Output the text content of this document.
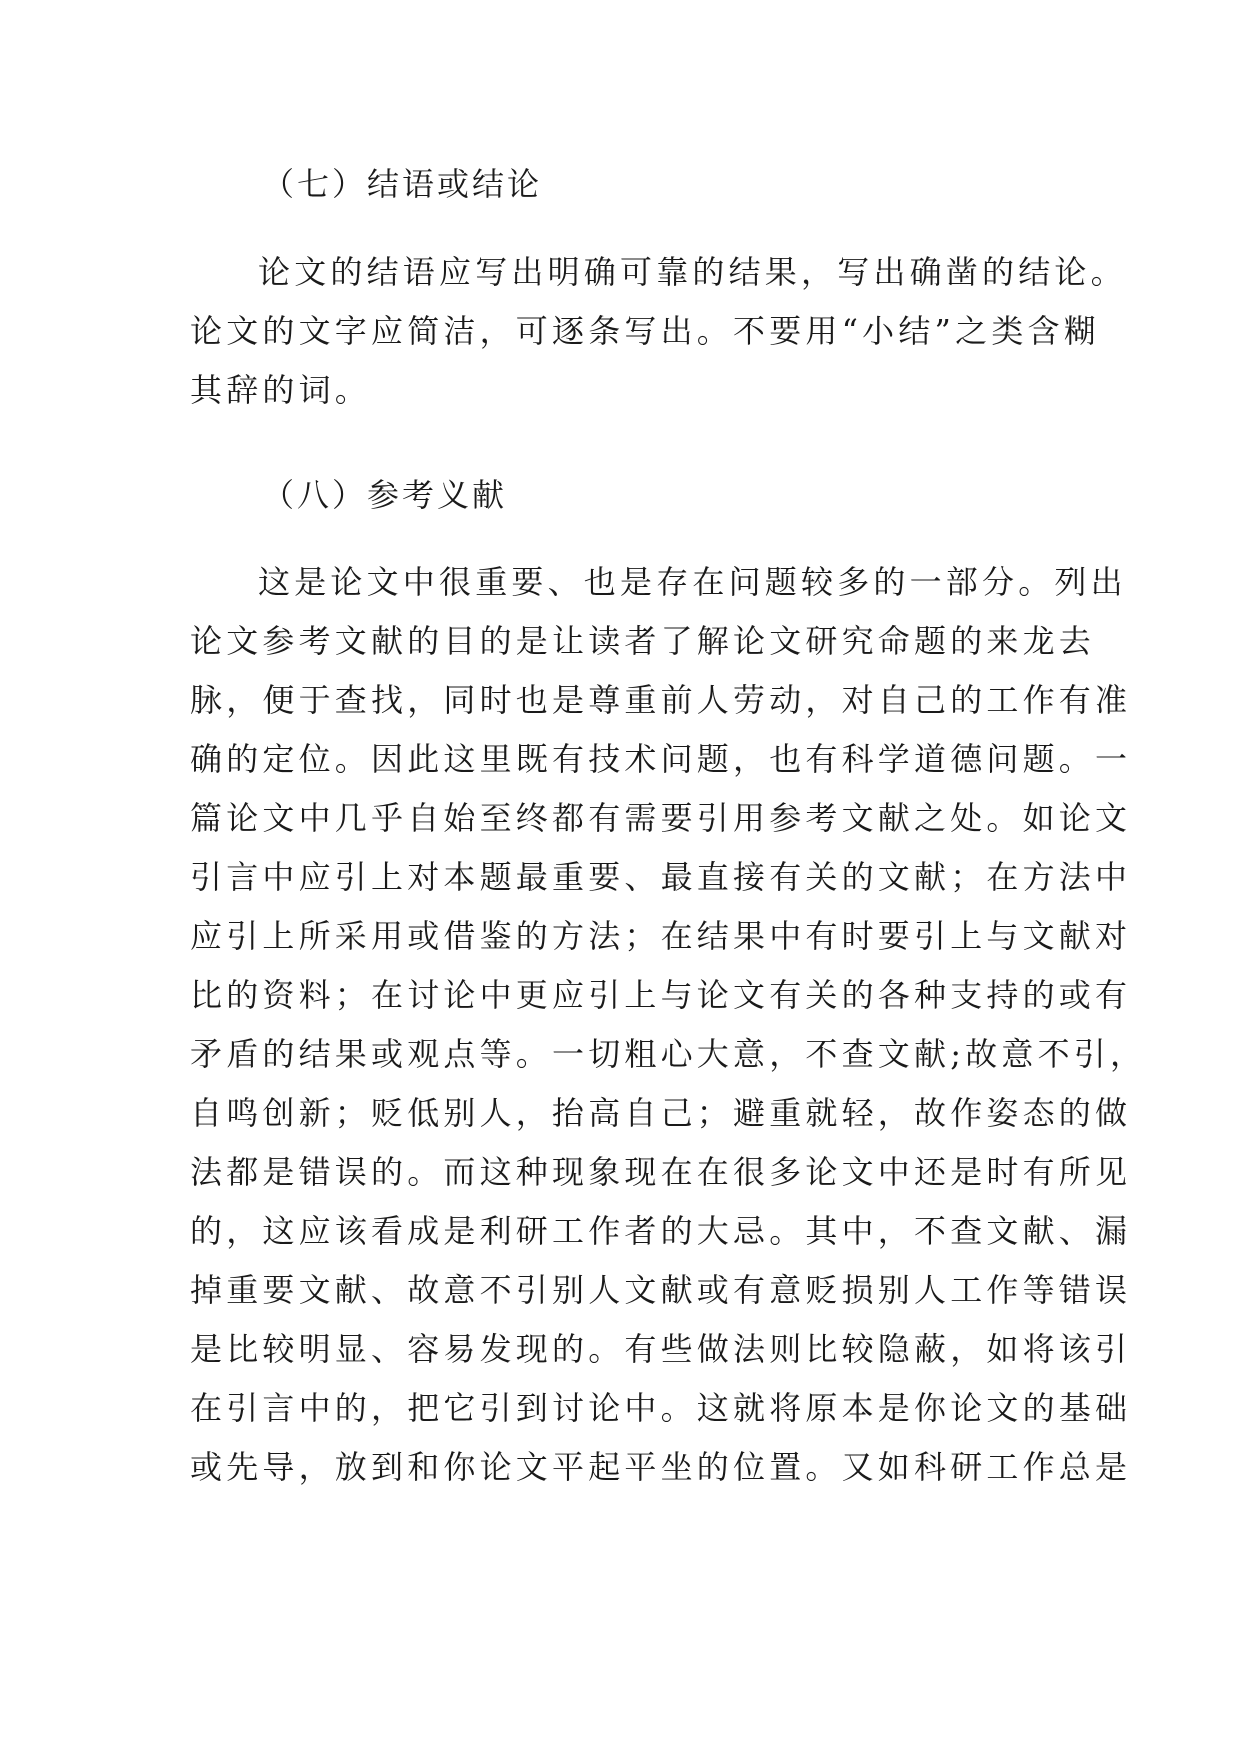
（七）结语或结论
论文的结语应写出明确可靠的结果，写出确凿的结论。
论文的文字应简洁，可逐条写出。不要用“小结”之类含糊
其辞的词。
（八）参考义献
这是论文中很重要、也是存在问题较多的一部分。列出
论文参考文献的目的是让读者了解论文研究命题的来龙去
脉，便于查找，同时也是尊重前人劳动，对自己的工作有准
确的定位。因此这里既有技术问题，也有科学道德问题。一
篇论文中几乎自始至终都有需要引用参考文献之处。如论文
引言中应引上对本题最重要、最直接有关的文献；在方法中
应引上所采用或借鉴的方法；在结果中有时要引上与文献对
比的资料；在讨论中更应引上与论文有关的各种支持的或有
矛盾的结果或观点等。一切粗心大意，不查文献;故意不引，
自鸣创新；贬低别人，抬高自己；避重就轻，故作姿态的做
法都是错误的。而这种现象现在在很多论文中还是时有所见
的，这应该看成是利研工作者的大忌。其中，不查文献、漏
掉重要文献、故意不引别人文献或有意贬损别人工作等错误
是比较明显、容易发现的。有些做法则比较隐蔽，如将该引
在引言中的，把它引到讨论中。这就将原本是你论文的基础
或先导，放到和你论文平起平坐的位置。又如科研工作总是
